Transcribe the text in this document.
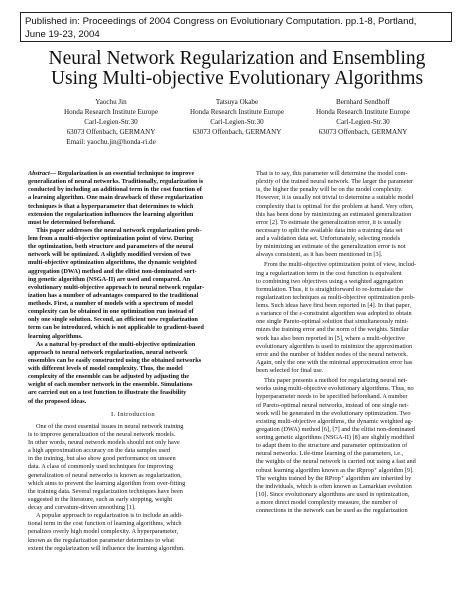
Published in: Proceedings of 2004 Congress on Evolutionary Computation. pp.1-8, Portland,
June 19-23, 2004
Neural Network Regularization and Ensembling
Using Multi-objective Evolutionary Algorithms
Yaochu Jin
Honda Research Institute Europe
Carl-Legien-Str.30
63073 Offenbach, GERMANY
Email: yaochu.jin@honda-ri.de
Tatsuya Okabe
Honda Research Institute Europe
Carl-Legien-Str.30
63073 Offenbach, GERMANY
Bernhard Sendhoff
Honda Research Institute Europe
Carl-Legien-Str.30
63073 Offenbach, GERMANY
Abstract— Regularization is an essential technique to improve
generalization of neural networks. Traditionally, regularization is
conducted by including an additional term in the cost function of
a learning algorithm. One main drawback of these regularization
techniques is that a hyperparameter that determines to which
extension the regularization influences the learning algorithm
must be determined beforehand.
This paper addresses the neural network regularization prob-
lem from a multi-objective optimization point of view. During
the optimization, both structure and parameters of the neural
network will be optimized. A slightly modified version of two
multi-objective optimization algorithms, the dynamic weighted
aggregation (DWA) method and the elitist non-dominated sort-
ing genetic algorithm (NSGA-II) are used and compared. An
evolutionary multi-objective approach to neural network regular-
ization has a number of advantages compared to the traditional
methods. First, a number of models with a spectrum of model
complexity can be obtained in one optimization run instead of
only one single solution. Second, an efficient new regularization
term can be introduced, which is not applicable to gradient-based
learning algorithms.
As a natural by-product of the multi-objective optimization
approach to neural network regularization, neural network
ensembles can be easily constructed using the obtained networks
with different levels of model complexity. Thus, the model
complexity of the ensemble can be adjusted by adjusting the
weight of each member network in the ensemble. Simulations
are carried out on a test function to illustrate the feasibility
of the proposed ideas.
I. Introduction
One of the most essential issues in neural network training
is to improve generalization of the neural network models.
In other words, neural network models should not only have
a high approximation accuracy on the data samples used
in the training, but also show good performance on unseen
data. A class of commonly used techniques for improving
generalization of neural networks is known as regularization,
which aims to prevent the learning algorithm from over-fitting
the training data. Several regularization techniques have been
suggested in the literature, such as early stopping, weight
decay and curvature-driven smoothing [1].
A popular approach to regularization is to include an addi-
tional term in the cost function of learning algorithms, which
penalizes overly high model complexity. A hyperparameter,
known as the regularization parameter determines to what
extent the regularization will influence the learning algorithm.
That is to say, this parameter will determine the model com-
plexity of the trained neural network. The larger the parameter
is, the higher the penalty will be on the model complexity.
However, it is usually not trivial to determine a suitable model
complexity that is optimal for the problem at hand. Very often,
this has been done by minimizing an estimated generalization
error [2]. To estimate the generalization error, it is usually
necessary to split the available data into a training data set
and a validation data set. Unfortunately, selecting models
by minimizing an estimate of the generalization error is not
always consistent, as it has been mentioned in [3].
From the multi-objective optimization point of view, includ-
ing a regularization term in the cost function is equivalent
to combining two objectives using a weighted aggregation
formulation. Thus, it is straightforward to re-formulate the
regularization techniques as multi-objective optimization prob-
lems. Such ideas have first been reported in [4]. In that paper,
a variance of the ε-constraint algorithm was adopted to obtain
one single Pareto-optimal solution that simultaneously mini-
mizes the training error and the norm of the weights. Similar
work has also been reported in [5], where a multi-objective
evolutionary algorithm is used to minimize the approximation
error and the number of hidden nodes of the neural network.
Again, only the one with the minimal approximation error has
been selected for final use.
This paper presents a method for regularizing neural net-
works using multi-objective evolutionary algorithms. Thus, no
hyperparameter needs to be specified beforehand. A number
of Pareto-optimal neural networks, instead of one single net-
work will be generated in the evolutionary optimization. Two
existing multi-objective algorithms, the dynamic weighted ag-
gregation (DWA) method [6], [7] and the elitist non-dominated
sorting genetic algorithms (NSGA-II) [8] are slightly modified
to adapt them to the structure and parameter optimization of
neural networks. Life-time learning of the parameters, i.e.,
the weights of the neural network is carried out using a fast and
robust learning algorithm known as the iRprop⁺ algorithm [9].
The weights trained by the RProp⁺ algorithm are inherited by
the individuals, which is often known as Lamarkian evolution
[10]. Since evolutionary algorithms are used in optimization,
a more direct model complexity measure, the number of
connections in the network can be used as the regularization
